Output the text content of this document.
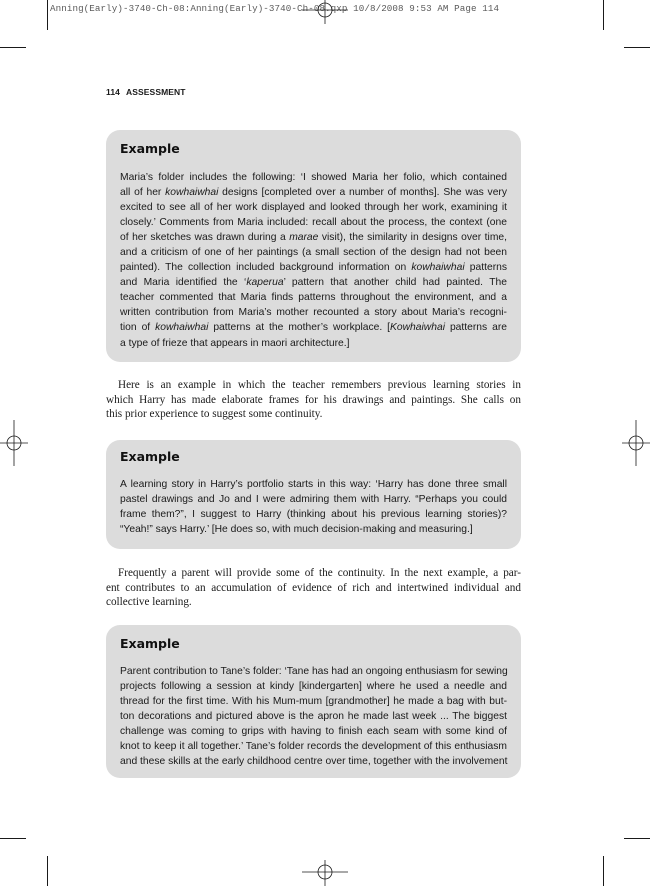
Anning(Early)-3740-Ch-08:Anning(Early)-3740-Ch-08.qxp 10/8/2008 9:53 AM Page 114
114 ASSESSMENT
Example
Maria’s folder includes the following: ‘I showed Maria her folio, which contained
all of her kowhaiwhai designs [completed over a number of months]. She was very
excited to see all of her work displayed and looked through her work, examining it
closely.’ Comments from Maria included: recall about the process, the context (one
of her sketches was drawn during a marae visit), the similarity in designs over time,
and a criticism of one of her paintings (a small section of the design had not been
painted). The collection included background information on kowhaiwhai patterns
and Maria identified the ‘kaperua’ pattern that another child had painted. The
teacher commented that Maria finds patterns throughout the environment, and a
written contribution from Maria’s mother recounted a story about Maria’s recogni-
tion of kowhaiwhai patterns at the mother’s workplace. [Kowhaiwhai patterns are
a type of frieze that appears in maori architecture.]
Here is an example in which the teacher remembers previous learning stories in
which Harry has made elaborate frames for his drawings and paintings. She calls on
this prior experience to suggest some continuity.
Example
A learning story in Harry’s portfolio starts in this way: ‘Harry has done three small
pastel drawings and Jo and I were admiring them with Harry. “Perhaps you could
frame them?”, I suggest to Harry (thinking about his previous learning stories)?
“Yeah!” says Harry.’ [He does so, with much decision-making and measuring.]
Frequently a parent will provide some of the continuity. In the next example, a par-
ent contributes to an accumulation of evidence of rich and intertwined individual and
collective learning.
Example
Parent contribution to Tane’s folder: ‘Tane has had an ongoing enthusiasm for sewing
projects following a session at kindy [kindergarten] where he used a needle and
thread for the first time. With his Mum-mum [grandmother] he made a bag with but-
ton decorations and pictured above is the apron he made last week ... The biggest
challenge was coming to grips with having to finish each seam with some kind of
knot to keep it all together.’ Tane’s folder records the development of this enthusiasm
and these skills at the early childhood centre over time, together with the involvement
